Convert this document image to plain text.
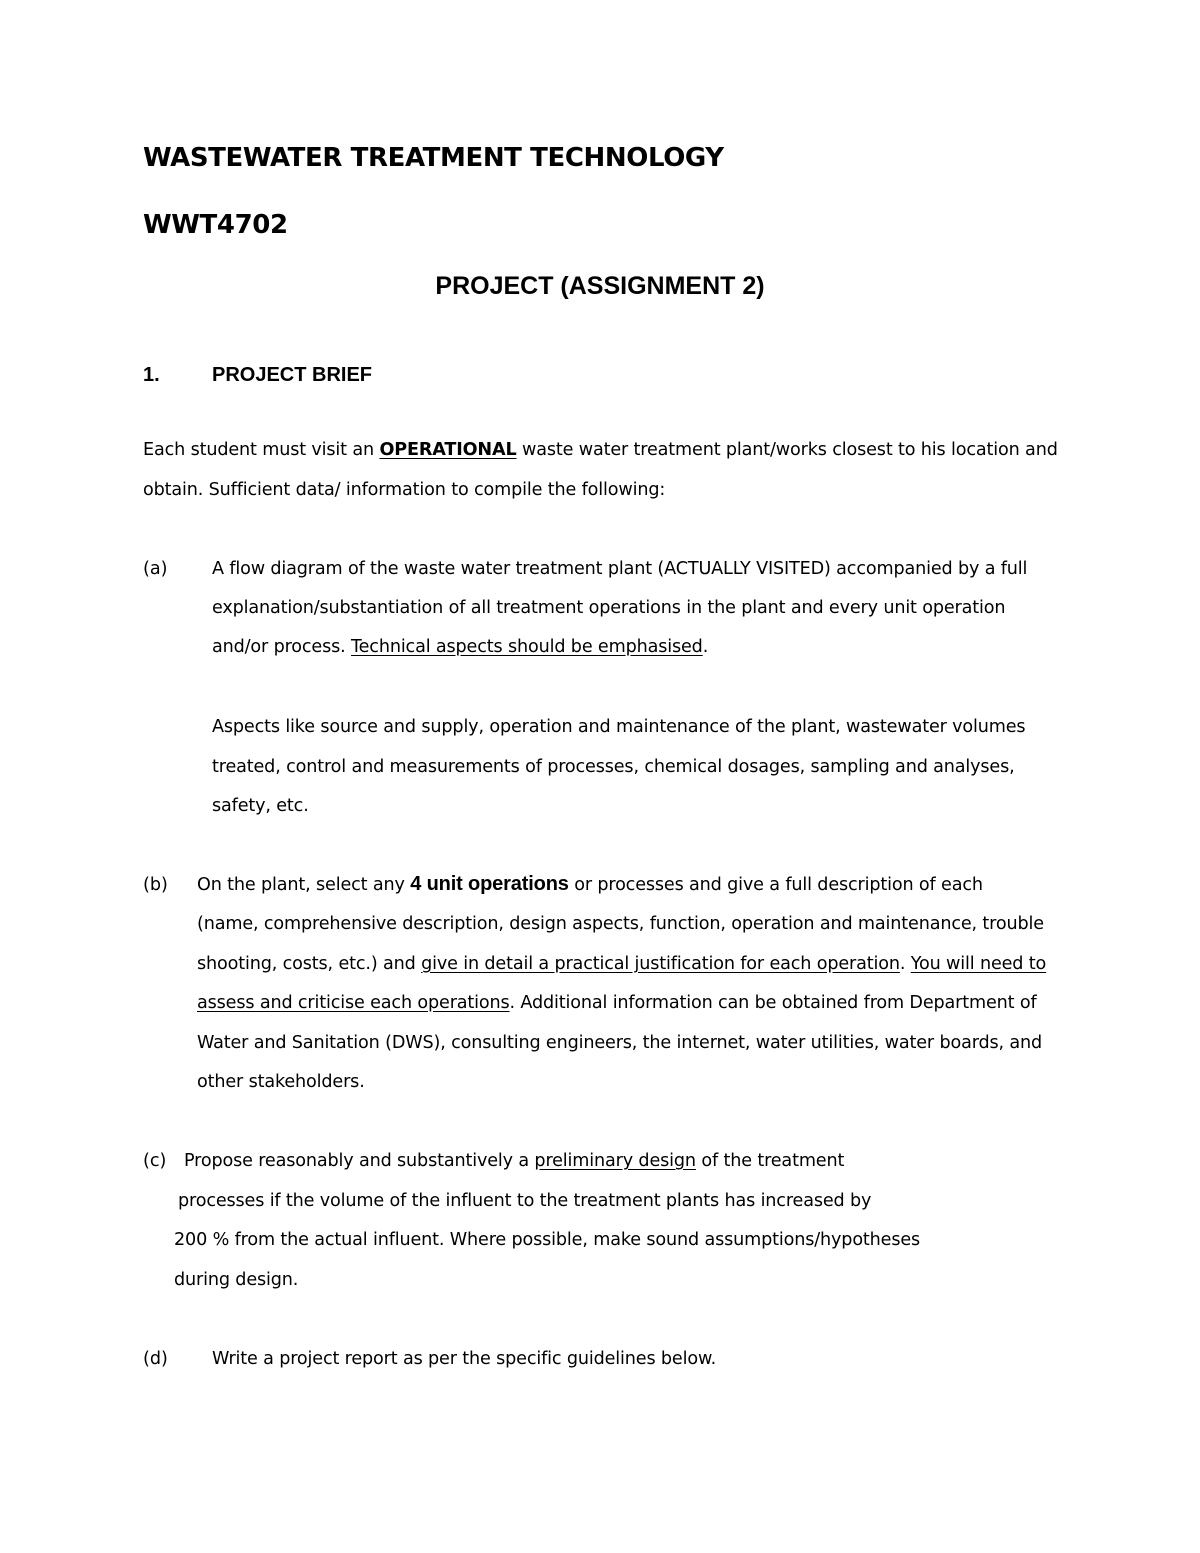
WASTEWATER TREATMENT TECHNOLOGY
WWT4702
PROJECT (ASSIGNMENT 2)
1.	PROJECT BRIEF
Each student must visit an OPERATIONAL waste water treatment plant/works closest to his location and
obtain. Sufficient data/ information to compile the following:
(a)	A flow diagram of the waste water treatment plant (ACTUALLY VISITED) accompanied by a full
explanation/substantiation of all treatment operations in the plant and every unit operation
and/or process. Technical aspects should be emphasised.
Aspects like source and supply, operation and maintenance of the plant, wastewater volumes
treated, control and measurements of processes, chemical dosages, sampling and analyses,
safety, etc.
(b) On the plant, select any 4 unit operations or processes and give a full description of each
(name, comprehensive description, design aspects, function, operation and maintenance, trouble
shooting, costs, etc.) and give in detail a practical justification for each operation. You will need to
assess and criticise each operations. Additional information can be obtained from Department of
Water and Sanitation (DWS), consulting engineers, the internet, water utilities, water boards, and
other stakeholders.
(c) Propose reasonably and substantively a preliminary design of the treatment
processes if the volume of the influent to the treatment plants has increased by
200 % from the actual influent. Where possible, make sound assumptions/hypotheses
during design.
(d)	Write a project report as per the specific guidelines below.
